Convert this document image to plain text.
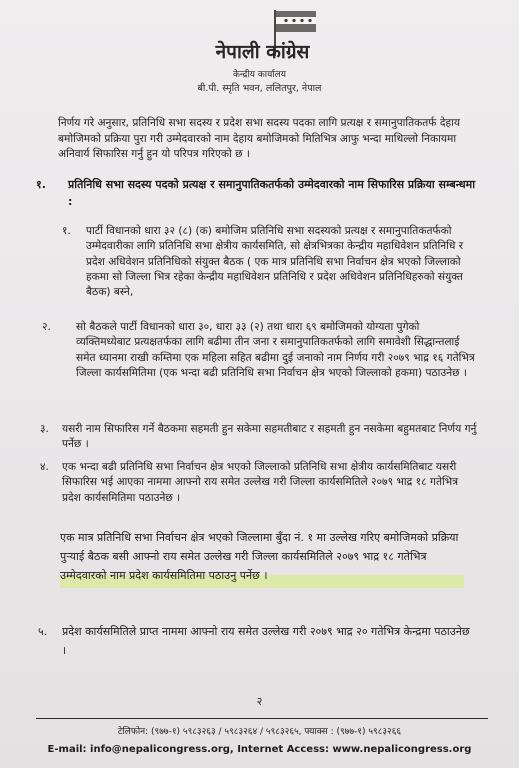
नेपाली कांग्रेस
केन्द्रीय कार्यालय
बी.पी. स्मृति भवन, ललितपुर, नेपाल

निर्णय गरे अनुसार, प्रतिनिधि सभा सदस्य र प्रदेश सभा सदस्य पदका लागि प्रत्यक्ष र समानुपातिकतर्फ देहाय बमोजिमको प्रक्रिया पुरा गरी उम्मेदवारको नाम देहाय बमोजिमको मितिभित्र आफु भन्दा माथिल्लो निकायमा अनिवार्य सिफारिस गर्नु हुन यो परिपत्र गरिएको छ ।

१. प्रतिनिधि सभा सदस्य पदको प्रत्यक्ष र समानुपातिकतर्फको उम्मेदवारको नाम सिफारिस प्रक्रिया सम्बन्धमा :

१. पार्टी विधानको धारा ३२ (८) (क) बमोजिम प्रतिनिधि सभा सदस्यको प्रत्यक्ष र समानुपातिकतर्फको उम्मेदवारीका लागि प्रतिनिधि सभा क्षेत्रीय कार्यसमिति, सो क्षेत्रभित्रका केन्द्रीय महाधिवेशन प्रतिनिधि र प्रदेश अधिवेशन प्रतिनिधिको संयुक्त बैठक ( एक मात्र प्रतिनिधि सभा निर्वाचन क्षेत्र भएको जिल्लाको हकमा सो जिल्ला भित्र रहेका केन्द्रीय महाधिवेशन प्रतिनिधि र प्रदेश अधिवेशन प्रतिनिधिहरुको संयुक्त बैठक) बस्ने,

२. सो बैठकले पार्टी विधानको धारा ३०, धारा ३३ (२) तथा धारा ६९ बमोजिमको योग्यता पुगेको व्यक्तिमध्येबाट प्रत्यक्षतर्फका लागि बढीमा तीन जना र समानुपातिकतर्फको लागि समावेशी सिद्धान्तलाई समेत ध्यानमा राखी कम्तिमा एक महिला सहित बढीमा दुई जनाको नाम निर्णय गरी २०७९ भाद्र १६ गतेभित्र जिल्ला कार्यसमितिमा (एक भन्दा बढी प्रतिनिधि सभा निर्वाचन क्षेत्र भएको जिल्लाको हकमा) पठाउनेछ ।

३. यसरी नाम सिफारिस गर्ने बैठकमा सहमती हुन सकेमा सहमतीबाट र सहमती हुन नसकेमा बहुमतबाट निर्णय गर्नु पर्नेछ ।

४. एक भन्दा बढी प्रतिनिधि सभा निर्वाचन क्षेत्र भएको जिल्लाको प्रतिनिधि सभा क्षेत्रीय कार्यसमितिबाट यसरी सिफारिस भई आएका नाममा आफ्नो राय समेत उल्लेख गरी जिल्ला कार्यसमितिले २०७९ भाद्र १८ गतेभित्र प्रदेश कार्यसमितिमा पठाउनेछ ।

एक मात्र प्रतिनिधि सभा निर्वाचन क्षेत्र भएको जिल्लामा बुँदा नं. १ मा उल्लेख गरिए बमोजिमको प्रक्रिया पुऱ्याई बैठक बसी आफ्नो राय समेत उल्लेख गरी जिल्ला कार्यसमितिले २०७९ भाद्र १८ गतेभित्र उम्मेदवारको नाम प्रदेश कार्यसमितिमा पठाउनु पर्नेछ ।

५. प्रदेश कार्यसमितिले प्राप्त नाममा आफ्नो राय समेत उल्लेख गरी २०७९ भाद्र २० गतेभित्र केन्द्रमा पठाउनेछ ।

२
टेलिफोन: (९७७-१) ५९८३२६३ / ५९८३२६४ / ५९८३२६५, फ्याक्स : (९७७-१) ५९८३२६६
E-mail: info@nepalicongress.org, Internet Access: www.nepalicongress.org
